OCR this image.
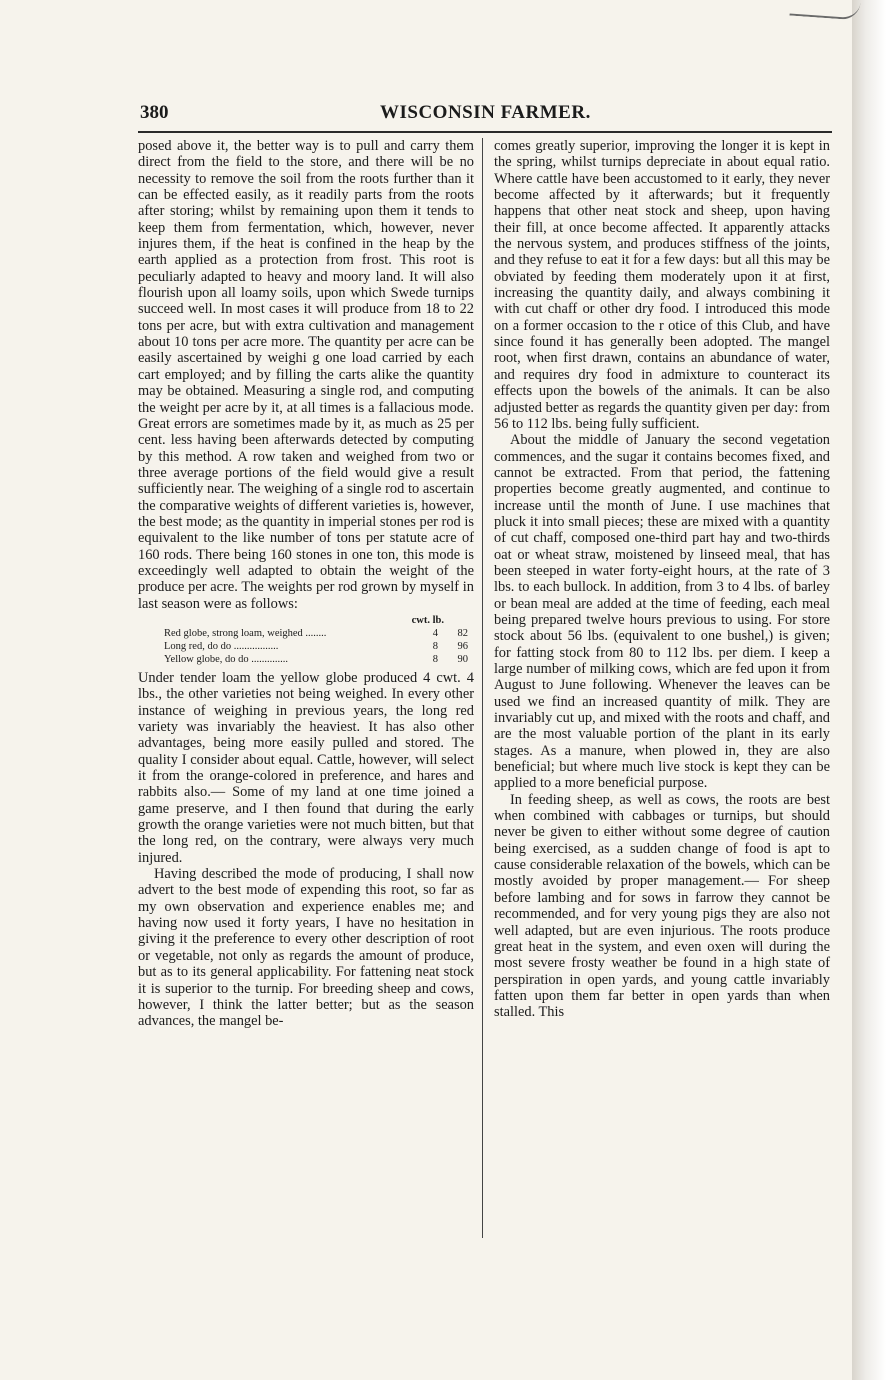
380	WISCONSIN FARMER.

posed above it, the better way is to pull and carry them direct from the field to the store, and there will be no necessity to remove the soil from the roots further than it can be effected easily, as it readily parts from the roots after storing; whilst by remaining upon them it tends to keep them from fermentation, which, however, never injures them, if the heat is confined in the heap by the earth applied as a protection from frost. This root is peculiarly adapted to heavy and moory land. It will also flourish upon all loamy soils, upon which Swede turnips succeed well. In most cases it will produce from 18 to 22 tons per acre, but with extra cultivation and management about 10 tons per acre more. The quantity per acre can be easily ascertained by weighi g one load carried by each cart employed; and by filling the carts alike the quantity may be obtained. Measuring a single rod, and computing the weight per acre by it, at all times is a fallacious mode. Great errors are sometimes made by it, as much as 25 per cent. less having been afterwards detected by computing by this method. A row taken and weighed from two or three average portions of the field would give a result sufficiently near. The weighing of a single rod to ascertain the comparative weights of different varieties is, however, the best mode; as the quantity in imperial stones per rod is equivalent to the like number of tons per statute acre of 160 rods. There being 160 stones in one ton, this mode is exceedingly well adapted to obtain the weight of the produce per acre. The weights per rod grown by myself in last season were as follows:

cwt. lb.
Red globe, strong loam, weighed ........	4	82
Long red, do do .................	8	96
Yellow globe, do do ..............	8	90

Under tender loam the yellow globe produced 4 cwt. 4 lbs., the other varieties not being weighed. In every other instance of weighing in previous years, the long red variety was invariably the heaviest. It has also other advantages, being more easily pulled and stored. The quality I consider about equal. Cattle, however, will select it from the orange-colored in preference, and hares and rabbits also.— Some of my land at one time joined a game preserve, and I then found that during the early growth the orange varieties were not much bitten, but that the long red, on the contrary, were always very much injured.

Having described the mode of producing, I shall now advert to the best mode of expending this root, so far as my own observation and experience enables me; and having now used it forty years, I have no hesitation in giving it the preference to every other description of root or vegetable, not only as regards the amount of produce, but as to its general applicability. For fattening neat stock it is superior to the turnip. For breeding sheep and cows, however, I think the latter better; but as the season advances, the mangel be-

comes greatly superior, improving the longer it is kept in the spring, whilst turnips depreciate in about equal ratio. Where cattle have been accustomed to it early, they never become affected by it afterwards; but it frequently happens that other neat stock and sheep, upon having their fill, at once become affected. It apparently attacks the nervous system, and produces stiffness of the joints, and they refuse to eat it for a few days: but all this may be obviated by feeding them moderately upon it at first, increasing the quantity daily, and always combining it with cut chaff or other dry food. I introduced this mode on a former occasion to the r otice of this Club, and have since found it has generally been adopted. The mangel root, when first drawn, contains an abundance of water, and requires dry food in admixture to counteract its effects upon the bowels of the animals. It can be also adjusted better as regards the quantity given per day: from 56 to 112 lbs. being fully sufficient.

About the middle of January the second vegetation commences, and the sugar it contains becomes fixed, and cannot be extracted. From that period, the fattening properties become greatly augmented, and continue to increase until the month of June. I use machines that pluck it into small pieces; these are mixed with a quantity of cut chaff, composed one-third part hay and two-thirds oat or wheat straw, moistened by linseed meal, that has been steeped in water forty-eight hours, at the rate of 3 lbs. to each bullock. In addition, from 3 to 4 lbs. of barley or bean meal are added at the time of feeding, each meal being prepared twelve hours previous to using. For store stock about 56 lbs. (equivalent to one bushel,) is given; for fatting stock from 80 to 112 lbs. per diem. I keep a large number of milking cows, which are fed upon it from August to June following. Whenever the leaves can be used we find an increased quantity of milk. They are invariably cut up, and mixed with the roots and chaff, and are the most valuable portion of the plant in its early stages. As a manure, when plowed in, they are also beneficial; but where much live stock is kept they can be applied to a more beneficial purpose.

In feeding sheep, as well as cows, the roots are best when combined with cabbages or turnips, but should never be given to either without some degree of caution being exercised, as a sudden change of food is apt to cause considerable relaxation of the bowels, which can be mostly avoided by proper management.— For sheep before lambing and for sows in farrow they cannot be recommended, and for very young pigs they are also not well adapted, but are even injurious. The roots produce great heat in the system, and even oxen will during the most severe frosty weather be found in a high state of perspiration in open yards, and young cattle invariably fatten upon them far better in open yards than when stalled. This
